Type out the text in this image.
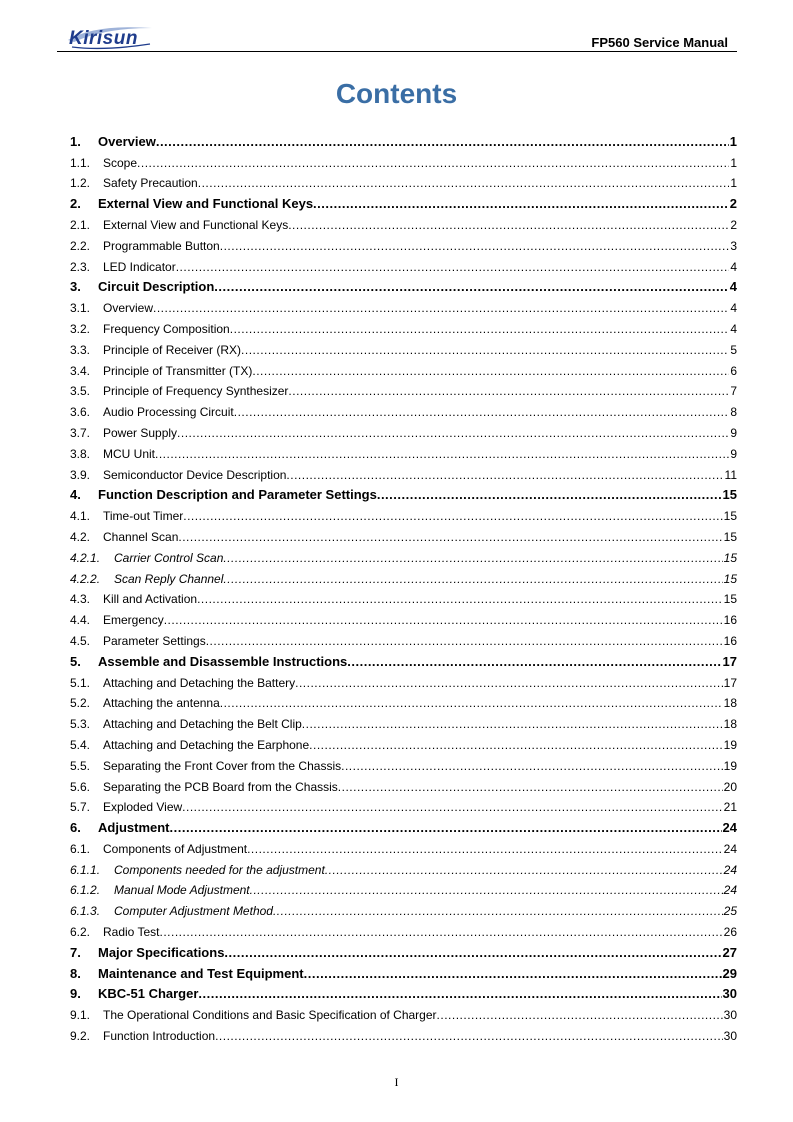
Kirisun	FP560 Service Manual
Contents
1.	Overview .....	1
1.1.	Scope .....	1
1.2.	Safety Precaution .....	1
2.	External View and Functional Keys .....	2
2.1.	External View and Functional Keys .....	2
2.2.	Programmable Button .....	3
2.3.	LED Indicator .....	4
3.	Circuit Description .....	4
3.1.	Overview .....	4
3.2.	Frequency Composition .....	4
3.3.	Principle of Receiver (RX) .....	5
3.4.	Principle of Transmitter (TX) .....	6
3.5.	Principle of Frequency Synthesizer .....	7
3.6.	Audio Processing Circuit .....	8
3.7.	Power Supply .....	9
3.8.	MCU Unit .....	9
3.9.	Semiconductor Device Description .....	11
4.	Function Description and Parameter Settings .....	15
4.1.	Time-out Timer .....	15
4.2.	Channel Scan .....	15
4.2.1.	Carrier Control Scan .....	15
4.2.2.	Scan Reply Channel .....	15
4.3.	Kill and Activation .....	15
4.4.	Emergency .....	16
4.5.	Parameter Settings .....	16
5.	Assemble and Disassemble Instructions .....	17
5.1.	Attaching and Detaching the Battery .....	17
5.2.	Attaching the antenna .....	18
5.3.	Attaching and Detaching the Belt Clip .....	18
5.4.	Attaching and Detaching the Earphone .....	19
5.5.	Separating the Front Cover from the Chassis .....	19
5.6.	Separating the PCB Board from the Chassis .....	20
5.7.	Exploded View .....	21
6.	Adjustment .....	24
6.1.	Components of Adjustment .....	24
6.1.1.	Components needed for the adjustment .....	24
6.1.2.	Manual Mode Adjustment .....	24
6.1.3.	Computer Adjustment Method .....	25
6.2.	Radio Test .....	26
7.	Major Specifications .....	27
8.	Maintenance and Test Equipment .....	29
9.	KBC-51 Charger .....	30
9.1.	The Operational Conditions and Basic Specification of Charger .....	30
9.2.	Function Introduction .....	30
I
